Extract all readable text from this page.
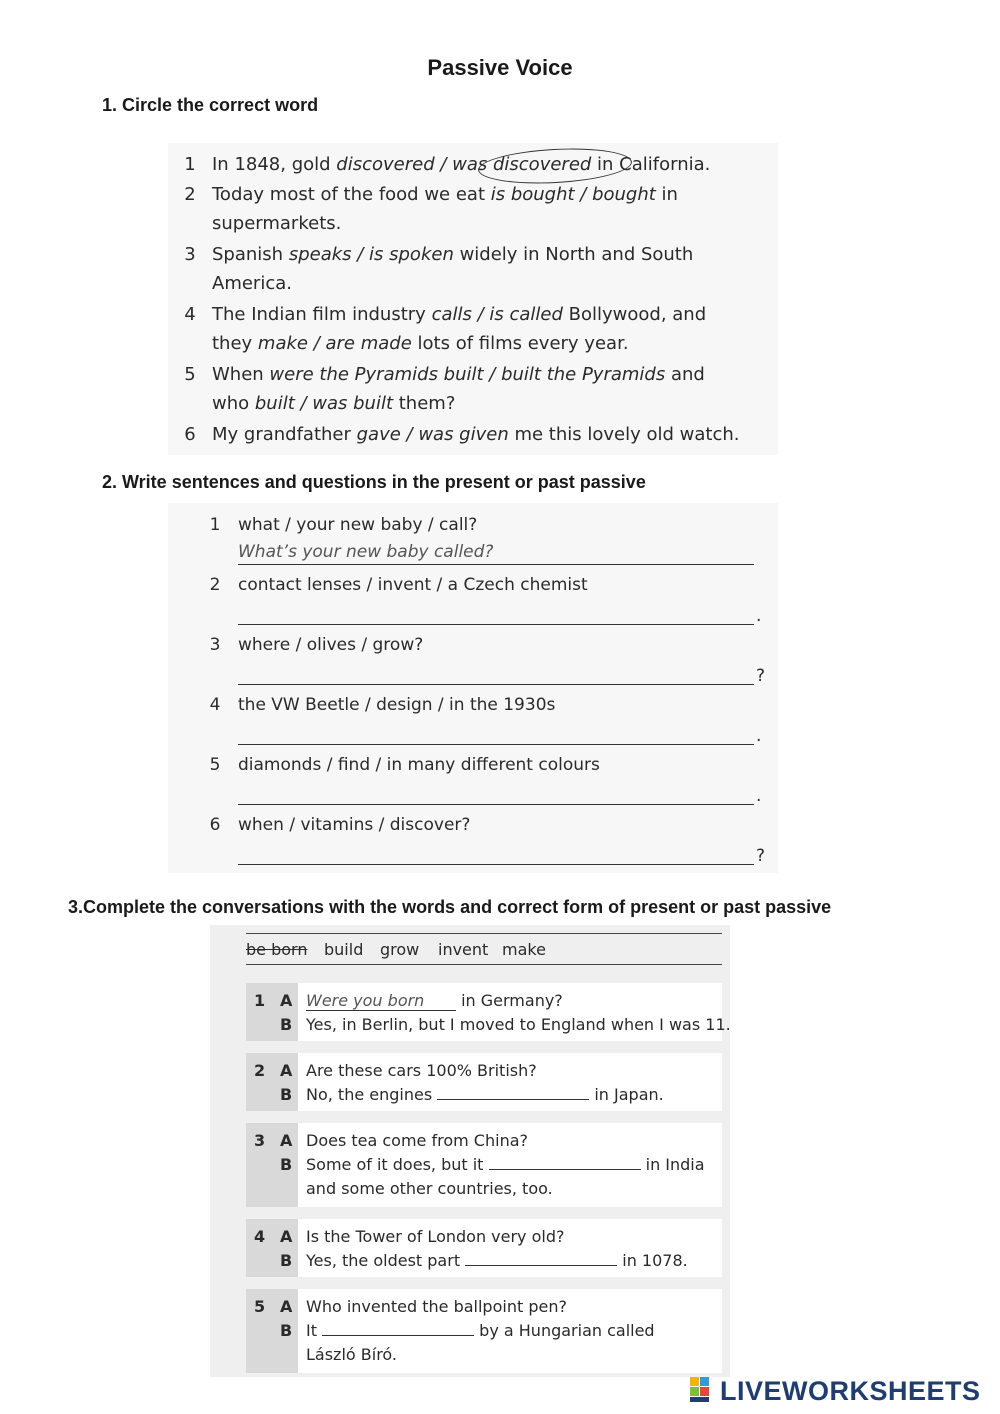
Passive Voice
1. Circle the correct word
1 In 1848, gold discovered / was discovered in California.
2 Today most of the food we eat is bought / bought in
supermarkets.
3 Spanish speaks / is spoken widely in North and South
America.
4 The Indian film industry calls / is called Bollywood, and
they make / are made lots of films every year.
5 When were the Pyramids built / built the Pyramids and
who built / was built them?
6 My grandfather gave / was given me this lovely old watch.
2. Write sentences and questions in the present or past passive
1	what / your new baby / call?
What’s your new baby called?
2	contact lenses / invent / a Czech chemist
.
3	where / olives / grow?
?
4	the VW Beetle / design / in the 1930s
.
5	diamonds / find / in many different colours
.
6	when / vitamins / discover?
?
3.Complete the conversations with the words and correct form of present or past passive
be born build grow invent make
1 A
B
Were you born in Germany?
Yes, in Berlin, but I moved to England when I was 11.
2 A
B
Are these cars 100% British?
No, the engines	in Japan.
3 A
B
Does tea come from China?
Some of it does, but it	in India
and some other countries, too.
4 A
B
Is the Tower of London very old?
Yes, the oldest part	in 1078.
5 A
B
Who invented the ballpoint pen?
It	by a Hungarian called
László Bíró.
LIVEWORKSHEETS
